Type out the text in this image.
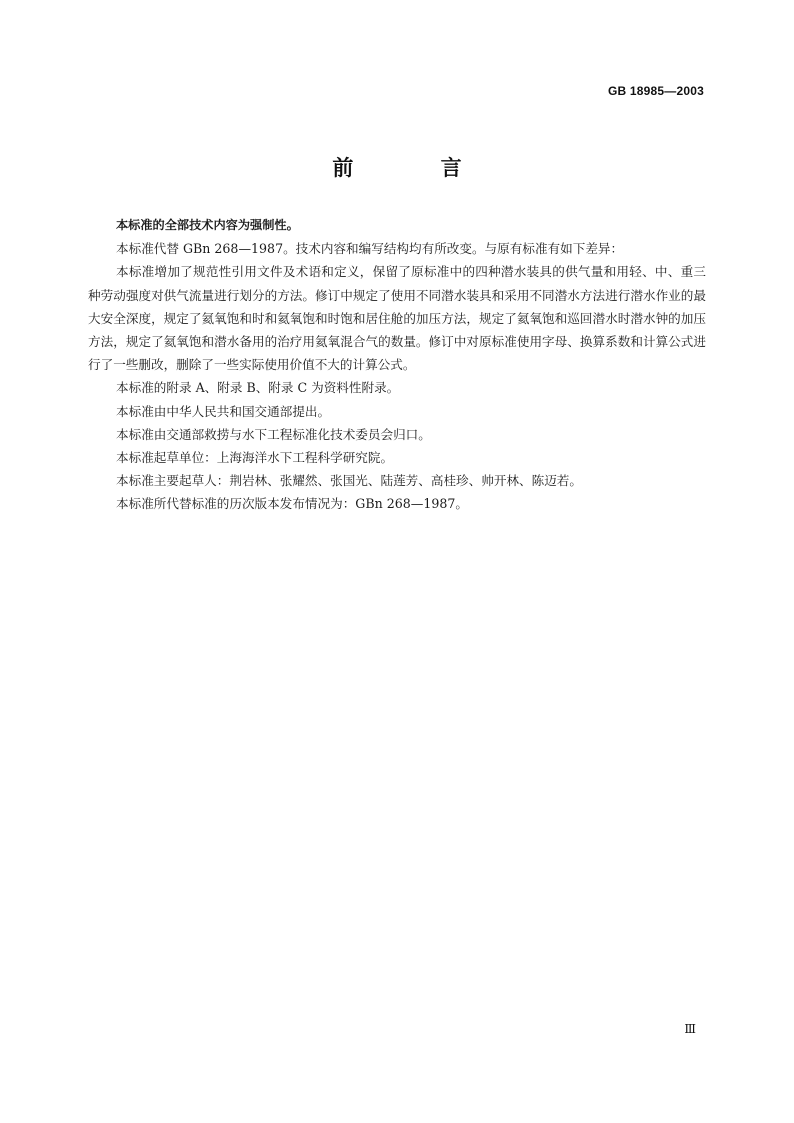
GB 18985—2003
前 言

本标准的全部技术内容为强制性。

本标准代替 GBn 268—1987。技术内容和编写结构均有所改变。与原有标准有如下差异：

本标准增加了规范性引用文件及术语和定义，保留了原标准中的四种潜水装具的供气量和用轻、中、重三种劳动强度对供气流量进行划分的方法。修订中规定了使用不同潜水装具和采用不同潜水方法进行潜水作业的最大安全深度，规定了氦氧饱和时和氦氧饱和时饱和居住舱的加压方法，规定了氦氧饱和巡回潜水时潜水钟的加压方法，规定了氦氧饱和潜水备用的治疗用氦氧混合气的数量。修订中对原标准使用字母、换算系数和计算公式进行了一些删改，删除了一些实际使用价值不大的计算公式。

本标准的附录 A、附录 B、附录 C 为资料性附录。

本标准由中华人民共和国交通部提出。

本标准由交通部救捞与水下工程标准化技术委员会归口。

本标准起草单位：上海海洋水下工程科学研究院。

本标准主要起草人：荆岩林、张耀然、张国光、陆莲芳、高桂珍、帅开林、陈迈若。

本标准所代替标准的历次版本发布情况为：GBn 268—1987。

Ⅲ
